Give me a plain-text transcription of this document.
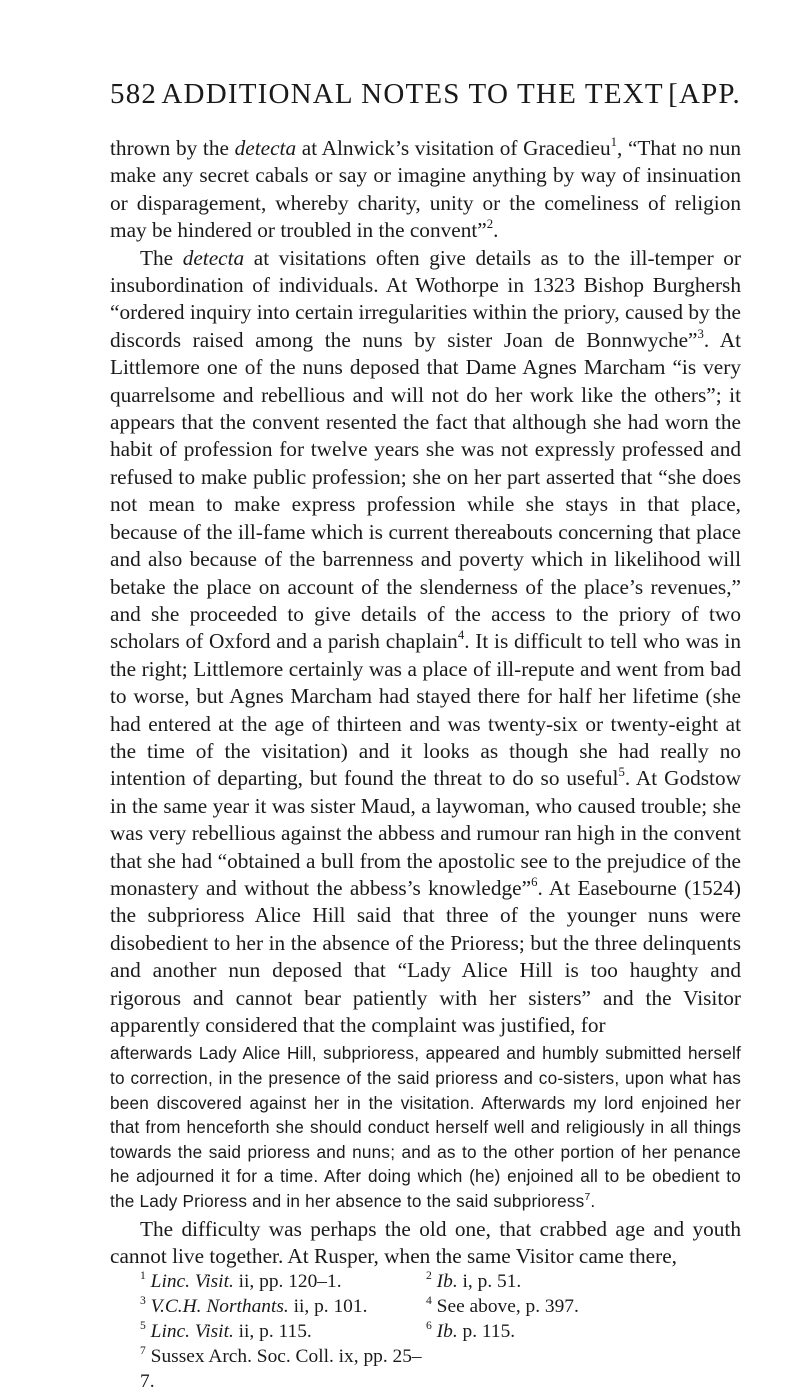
582 ADDITIONAL NOTES TO THE TEXT [APP.

thrown by the detecta at Alnwick’s visitation of Gracedieu$^1$, “That no nun make any secret cabals or say or imagine anything by way of insinuation or disparagement, whereby charity, unity or the comeliness of religion may be hindered or troubled in the convent”$^2$.

The detecta at visitations often give details as to the ill-temper or insubordination of individuals. At Wothorpe in 1323 Bishop Burghersh “ordered inquiry into certain irregularities within the priory, caused by the discords raised among the nuns by sister Joan de Bonnwyche”$^3$. At Littlemore one of the nuns deposed that Dame Agnes Marcham “is very quarrelsome and rebellious and will not do her work like the others”; it appears that the convent resented the fact that although she had worn the habit of profession for twelve years she was not expressly professed and refused to make public profession; she on her part asserted that “she does not mean to make express profession while she stays in that place, because of the ill-fame which is current thereabouts concerning that place and also because of the barrenness and poverty which in likelihood will betake the place on account of the slenderness of the place’s revenues,” and she proceeded to give details of the access to the priory of two scholars of Oxford and a parish chaplain$^4$. It is difficult to tell who was in the right; Littlemore certainly was a place of ill-repute and went from bad to worse, but Agnes Marcham had stayed there for half her lifetime (she had entered at the age of thirteen and was twenty-six or twenty-eight at the time of the visitation) and it looks as though she had really no intention of departing, but found the threat to do so useful$^5$. At Godstow in the same year it was sister Maud, a laywoman, who caused trouble; she was very rebellious against the abbess and rumour ran high in the convent that she had “obtained a bull from the apostolic see to the prejudice of the monastery and without the abbess’s knowledge”$^6$. At Easebourne (1524) the subprioress Alice Hill said that three of the younger nuns were disobedient to her in the absence of the Prioress; but the three delinquents and another nun deposed that “Lady Alice Hill is too haughty and rigorous and cannot bear patiently with her sisters” and the Visitor apparently considered that the complaint was justified, for

afterwards Lady Alice Hill, subprioress, appeared and humbly submitted herself to correction, in the presence of the said prioress and co-sisters, upon what has been discovered against her in the visitation. Afterwards my lord enjoined her that from henceforth she should conduct herself well and religiously in all things towards the said prioress and nuns; and as to the other portion of her penance he adjourned it for a time. After doing which (he) enjoined all to be obedient to the Lady Prioress and in her absence to the said subprioress$^7$.

The difficulty was perhaps the old one, that crabbed age and youth cannot live together. At Rusper, when the same Visitor came there,

$^1$ Linc. Visit. ii, pp. 120–1.	$^2$ Ib. i, p. 51.
$^3$ V.C.H. Northants. ii, p. 101.	$^4$ See above, p. 397.
$^5$ Linc. Visit. ii, p. 115.	$^6$ Ib. p. 115.
$^7$ Sussex Arch. Soc. Coll. ix, pp. 25–7.
